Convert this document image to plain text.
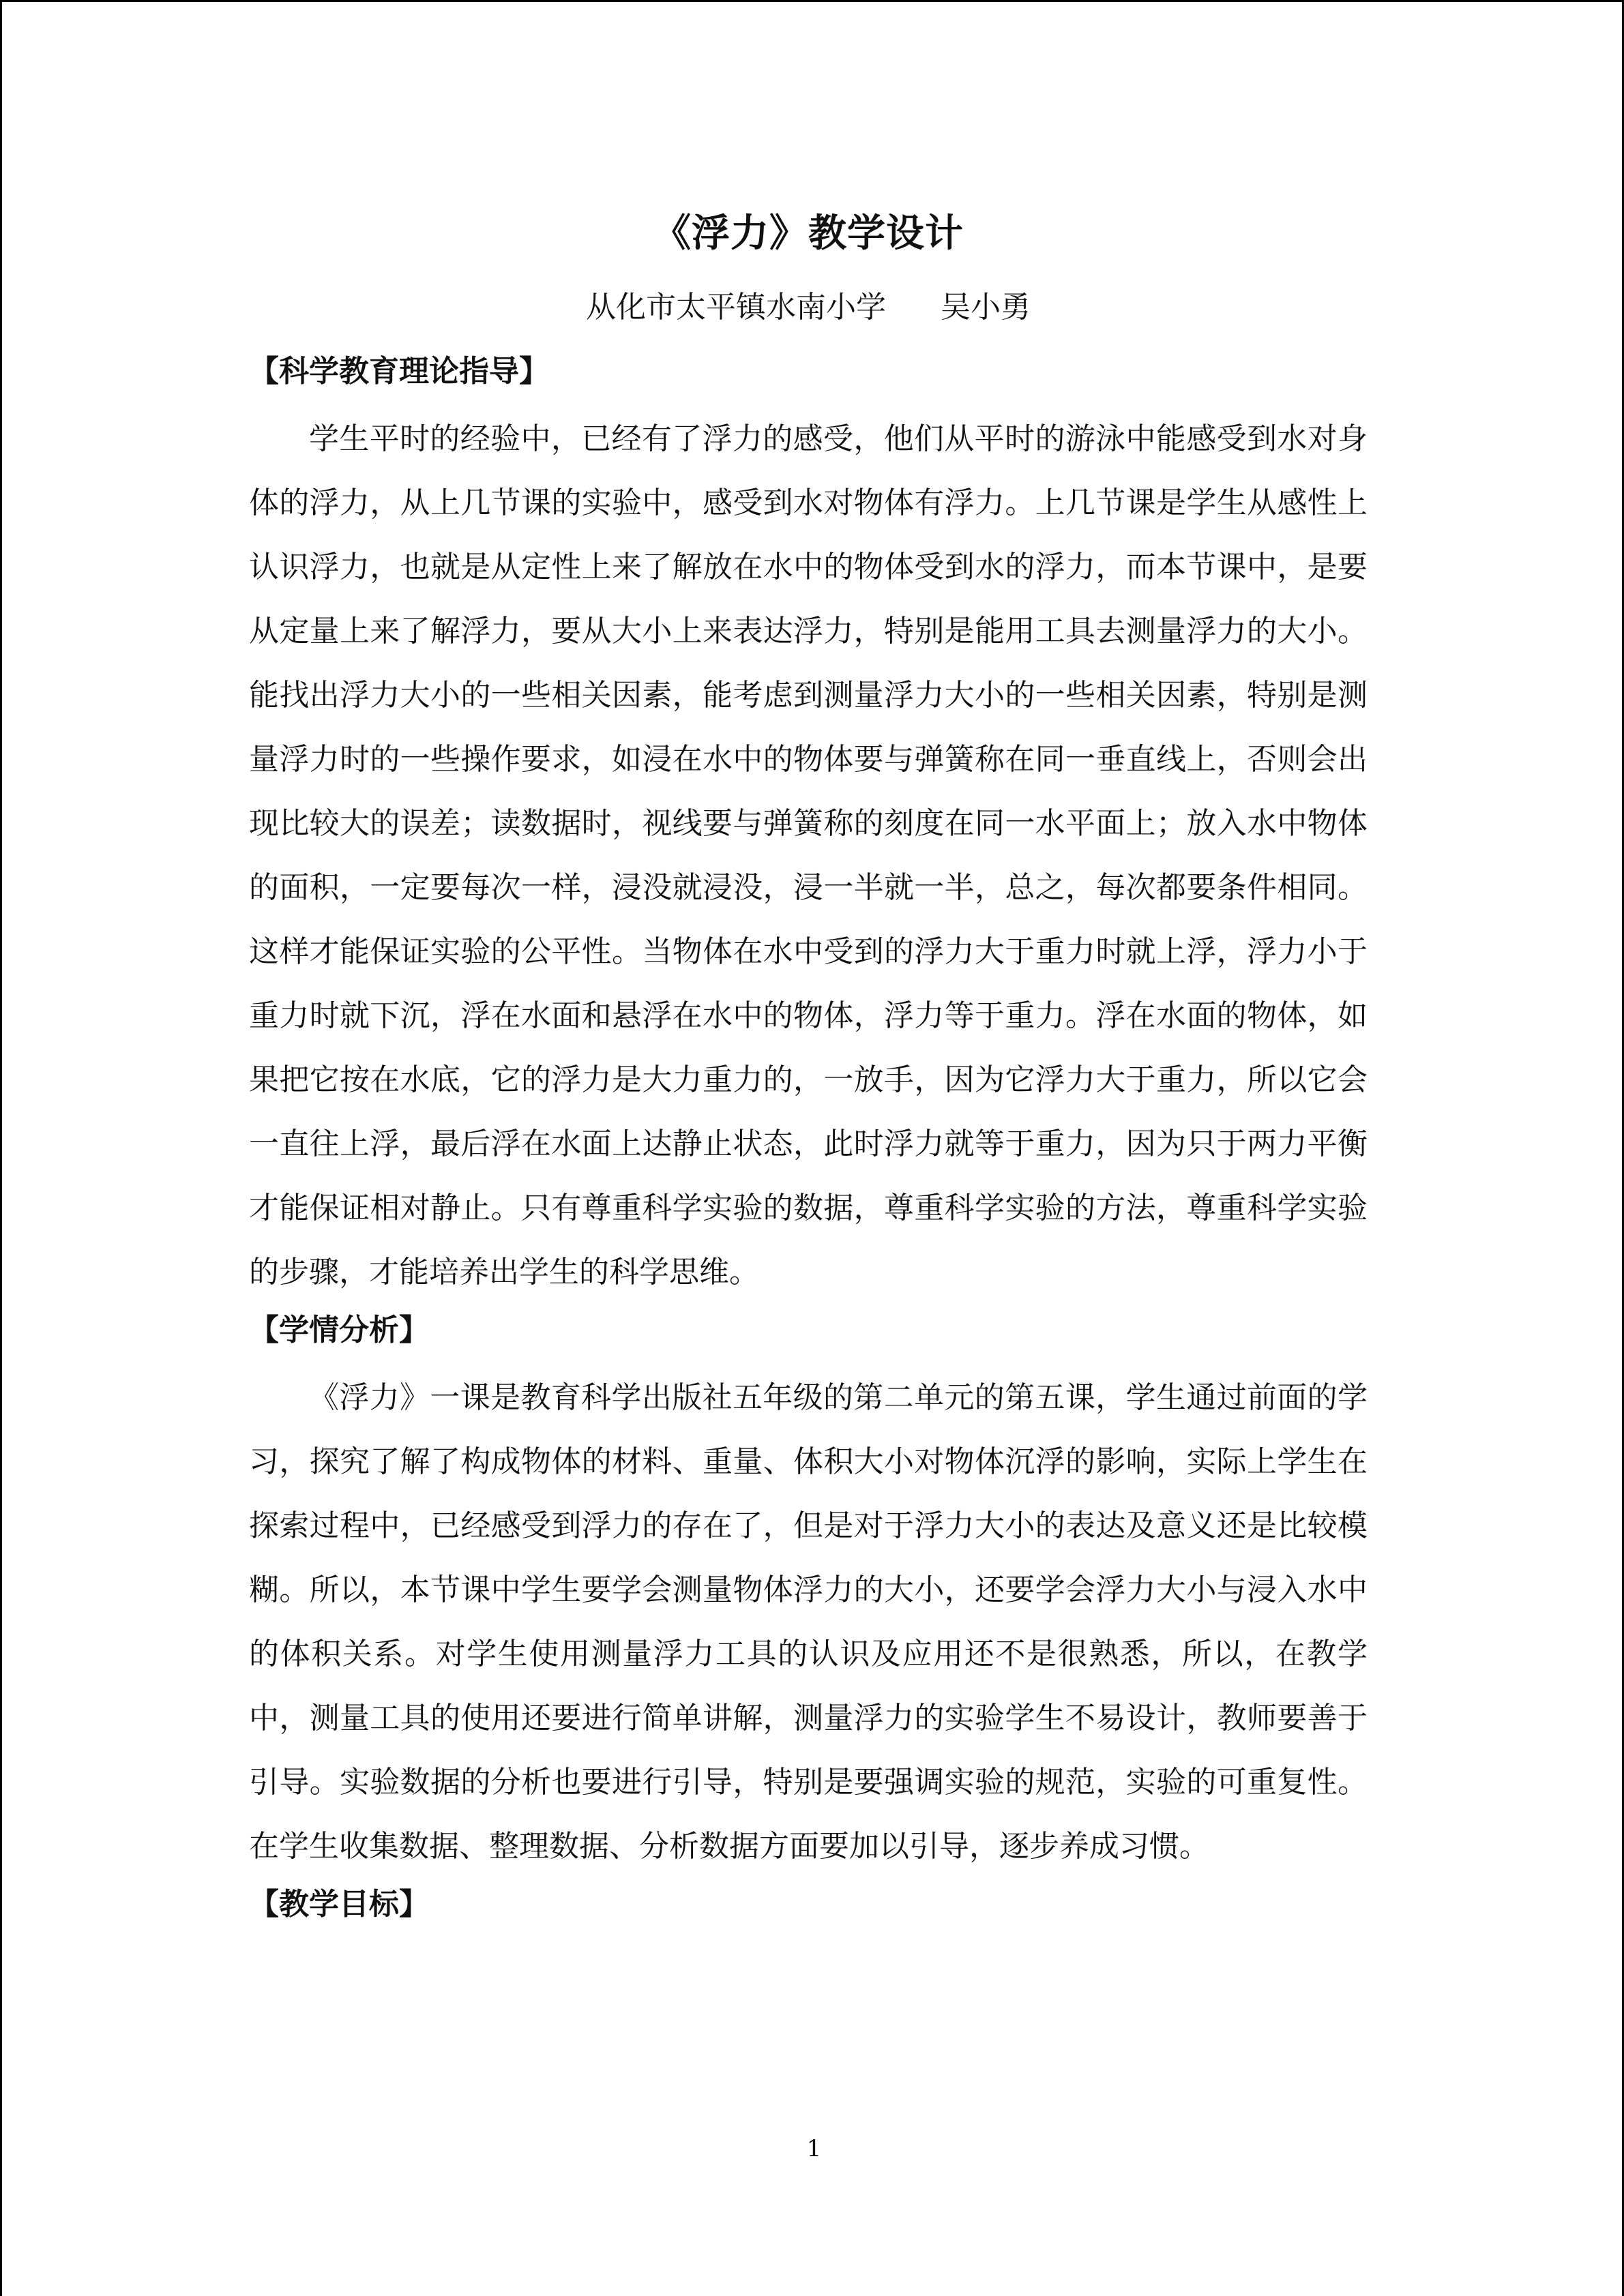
《浮力》教学设计
从化市太平镇水南小学 吴小勇
【科学教育理论指导】

学生平时的经验中，已经有了浮力的感受，他们从平时的游泳中能感受到水对身体的浮力，从上几节课的实验中，感受到水对物体有浮力。上几节课是学生从感性上认识浮力，也就是从定性上来了解放在水中的物体受到水的浮力，而本节课中，是要从定量上来了解浮力，要从大小上来表达浮力，特别是能用工具去测量浮力的大小。能找出浮力大小的一些相关因素，能考虑到测量浮力大小的一些相关因素，特别是测量浮力时的一些操作要求，如浸在水中的物体要与弹簧称在同一垂直线上，否则会出现比较大的误差；读数据时，视线要与弹簧称的刻度在同一水平面上；放入水中物体的面积，一定要每次一样，浸没就浸没，浸一半就一半，总之，每次都要条件相同。这样才能保证实验的公平性。当物体在水中受到的浮力大于重力时就上浮，浮力小于重力时就下沉，浮在水面和悬浮在水中的物体，浮力等于重力。浮在水面的物体，如果把它按在水底，它的浮力是大力重力的，一放手，因为它浮力大于重力，所以它会一直往上浮，最后浮在水面上达静止状态，此时浮力就等于重力，因为只于两力平衡才能保证相对静止。只有尊重科学实验的数据，尊重科学实验的方法，尊重科学实验的步骤，才能培养出学生的科学思维。

【学情分析】

《浮力》一课是教育科学出版社五年级的第二单元的第五课，学生通过前面的学习，探究了解了构成物体的材料、重量、体积大小对物体沉浮的影响，实际上学生在探索过程中，已经感受到浮力的存在了，但是对于浮力大小的表达及意义还是比较模糊。所以，本节课中学生要学会测量物体浮力的大小，还要学会浮力大小与浸入水中的体积关系。对学生使用测量浮力工具的认识及应用还不是很熟悉，所以，在教学中，测量工具的使用还要进行简单讲解，测量浮力的实验学生不易设计，教师要善于引导。实验数据的分析也要进行引导，特别是要强调实验的规范，实验的可重复性。在学生收集数据、整理数据、分析数据方面要加以引导，逐步养成习惯。

【教学目标】
1
